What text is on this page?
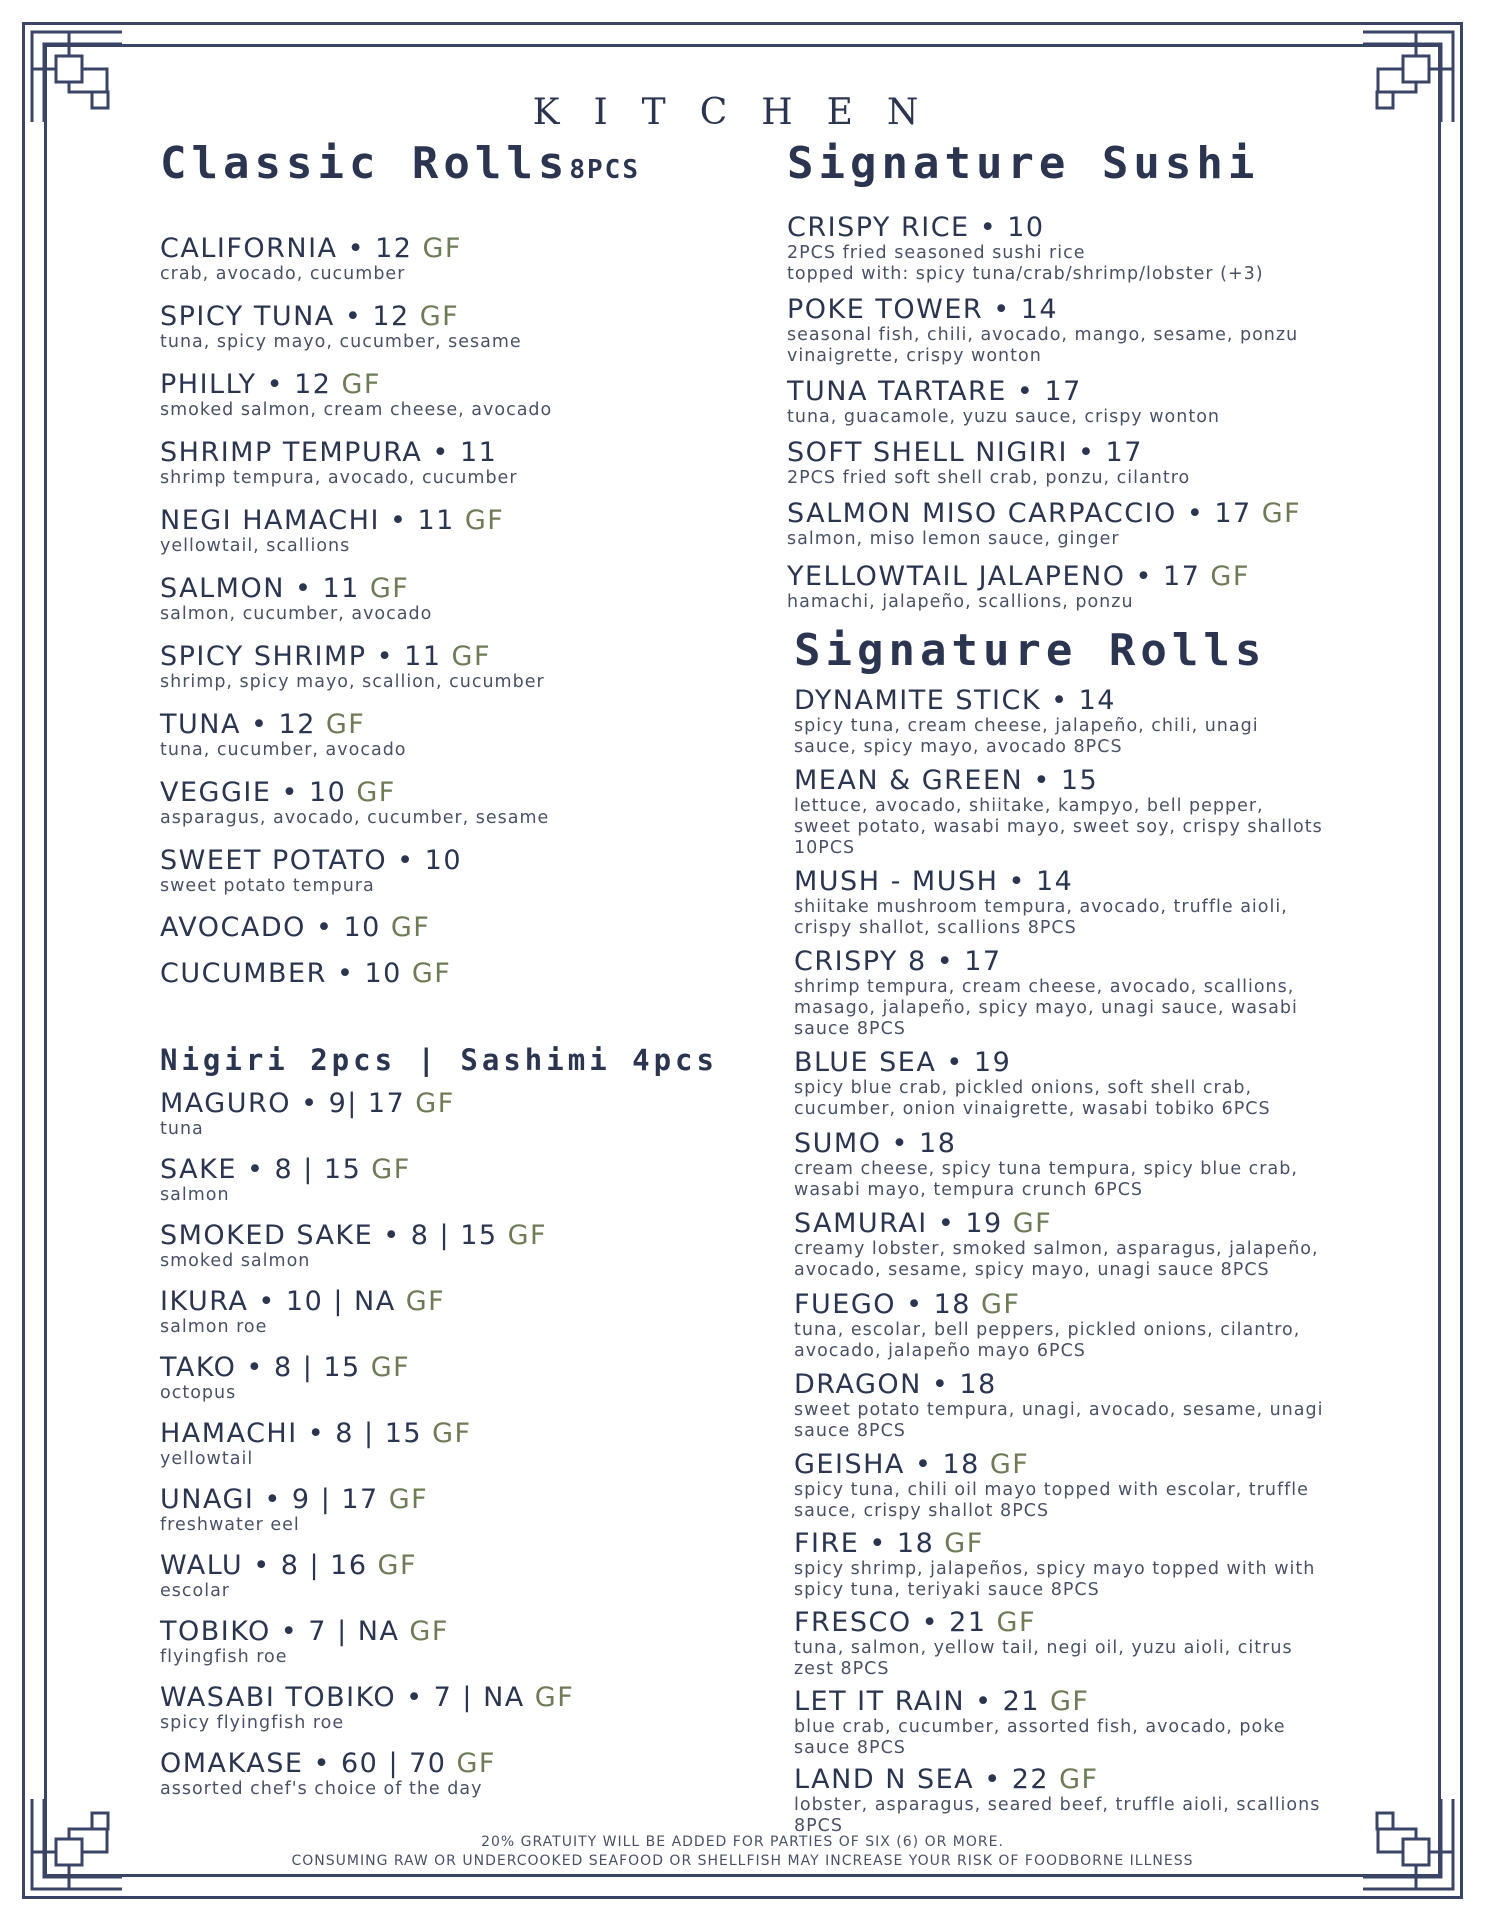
KITCHEN
Classic Rolls8PCS
CALIFORNIA • 12 GF
crab, avocado, cucumber
SPICY TUNA • 12 GF
tuna, spicy mayo, cucumber, sesame
PHILLY • 12 GF
smoked salmon, cream cheese, avocado
SHRIMP TEMPURA • 11
shrimp tempura, avocado, cucumber
NEGI HAMACHI • 11 GF
yellowtail, scallions
SALMON • 11 GF
salmon, cucumber, avocado
SPICY SHRIMP • 11 GF
shrimp, spicy mayo, scallion, cucumber
TUNA • 12 GF
tuna, cucumber, avocado
VEGGIE • 10 GF
asparagus, avocado, cucumber, sesame
SWEET POTATO • 10
sweet potato tempura
AVOCADO • 10 GF
CUCUMBER • 10 GF
Nigiri 2pcs | Sashimi 4pcs
MAGURO • 9| 17 GF
tuna
SAKE • 8 | 15 GF
salmon
SMOKED SAKE • 8 | 15 GF
smoked salmon
IKURA • 10 | NA GF
salmon roe
TAKO • 8 | 15 GF
octopus
HAMACHI • 8 | 15 GF
yellowtail
UNAGI • 9 | 17 GF
freshwater eel
WALU • 8 | 16 GF
escolar
TOBIKO • 7 | NA GF
flyingfish roe
WASABI TOBIKO • 7 | NA GF
spicy flyingfish roe
OMAKASE • 60 | 70 GF
assorted chef's choice of the day
Signature Sushi
CRISPY RICE • 10
2PCS fried seasoned sushi rice
topped with: spicy tuna/crab/shrimp/lobster (+3)
POKE TOWER • 14
seasonal fish, chili, avocado, mango, sesame, ponzu
vinaigrette, crispy wonton
TUNA TARTARE • 17
tuna, guacamole, yuzu sauce, crispy wonton
SOFT SHELL NIGIRI • 17
2PCS fried soft shell crab, ponzu, cilantro
SALMON MISO CARPACCIO • 17 GF
salmon, miso lemon sauce, ginger
YELLOWTAIL JALAPENO • 17 GF
hamachi, jalapeño, scallions, ponzu
Signature Rolls
DYNAMITE STICK • 14
spicy tuna, cream cheese, jalapeño, chili, unagi
sauce, spicy mayo, avocado 8PCS
MEAN & GREEN • 15
lettuce, avocado, shiitake, kampyo, bell pepper,
sweet potato, wasabi mayo, sweet soy, crispy shallots
10PCS
MUSH - MUSH • 14
shiitake mushroom tempura, avocado, truffle aioli,
crispy shallot, scallions 8PCS
CRISPY 8 • 17
shrimp tempura, cream cheese, avocado, scallions,
masago, jalapeño, spicy mayo, unagi sauce, wasabi
sauce 8PCS
BLUE SEA • 19
spicy blue crab, pickled onions, soft shell crab,
cucumber, onion vinaigrette, wasabi tobiko 6PCS
SUMO • 18
cream cheese, spicy tuna tempura, spicy blue crab,
wasabi mayo, tempura crunch 6PCS
SAMURAI • 19 GF
creamy lobster, smoked salmon, asparagus, jalapeño,
avocado, sesame, spicy mayo, unagi sauce 8PCS
FUEGO • 18 GF
tuna, escolar, bell peppers, pickled onions, cilantro,
avocado, jalapeño mayo 6PCS
DRAGON • 18
sweet potato tempura, unagi, avocado, sesame, unagi
sauce 8PCS
GEISHA • 18 GF
spicy tuna, chili oil mayo topped with escolar, truffle
sauce, crispy shallot 8PCS
FIRE • 18 GF
spicy shrimp, jalapeños, spicy mayo topped with with
spicy tuna, teriyaki sauce 8PCS
FRESCO • 21 GF
tuna, salmon, yellow tail, negi oil, yuzu aioli, citrus
zest 8PCS
LET IT RAIN • 21 GF
blue crab, cucumber, assorted fish, avocado, poke
sauce 8PCS
LAND N SEA • 22 GF
lobster, asparagus, seared beef, truffle aioli, scallions
8PCS
20% GRATUITY WILL BE ADDED FOR PARTIES OF SIX (6) OR MORE.
CONSUMING RAW OR UNDERCOOKED SEAFOOD OR SHELLFISH MAY INCREASE YOUR RISK OF FOODBORNE ILLNESS
